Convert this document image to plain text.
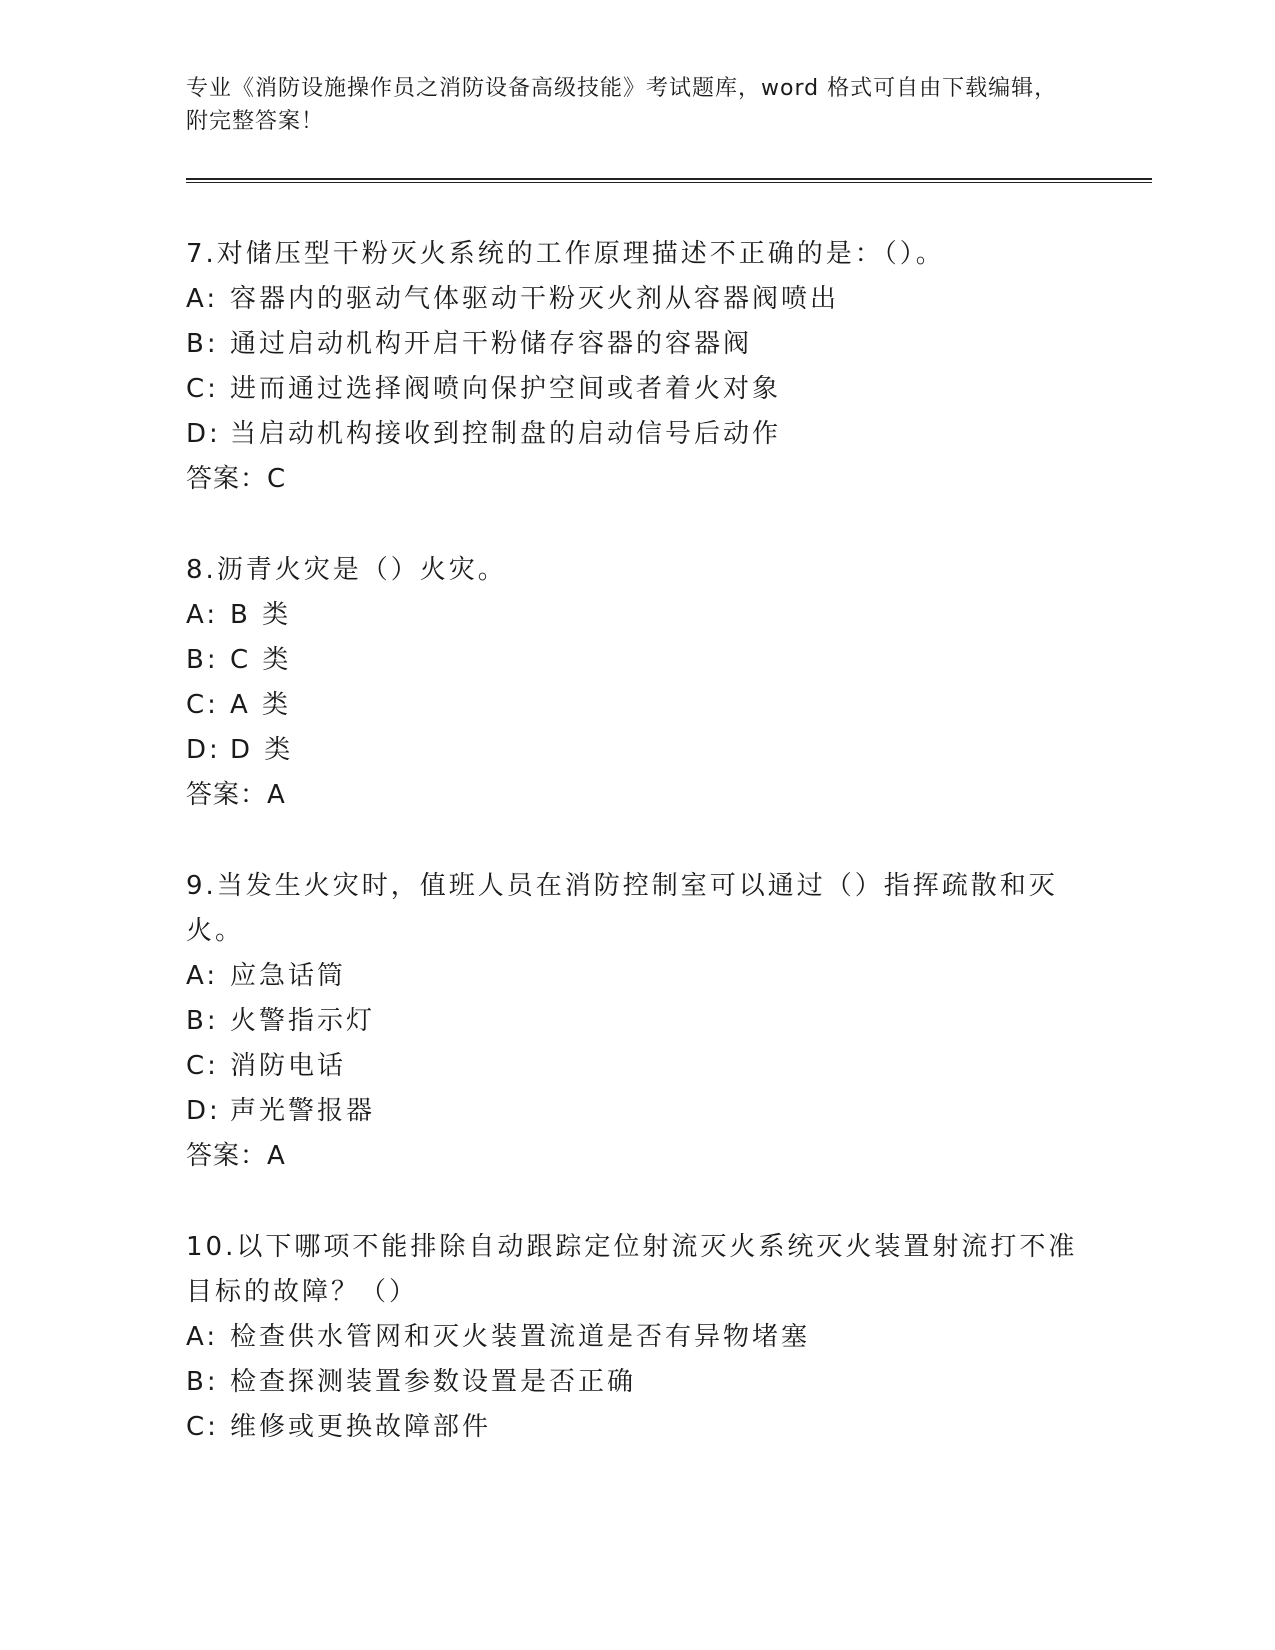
专业《消防设施操作员之消防设备高级技能》考试题库，word 格式可自由下载编辑，附完整答案！
7.对储压型干粉灭火系统的工作原理描述不正确的是：（）。
A: 容器内的驱动气体驱动干粉灭火剂从容器阀喷出
B: 通过启动机构开启干粉储存容器的容器阀
C: 进而通过选择阀喷向保护空间或者着火对象
D: 当启动机构接收到控制盘的启动信号后动作
答案：C
8.沥青火灾是（）火灾。
A: B 类
B: C 类
C: A 类
D: D 类
答案：A
9.当发生火灾时，值班人员在消防控制室可以通过（）指挥疏散和灭火。
A: 应急话筒
B: 火警指示灯
C: 消防电话
D: 声光警报器
答案：A
10.以下哪项不能排除自动跟踪定位射流灭火系统灭火装置射流打不准目标的故障？（）
A: 检查供水管网和灭火装置流道是否有异物堵塞
B: 检查探测装置参数设置是否正确
C: 维修或更换故障部件
